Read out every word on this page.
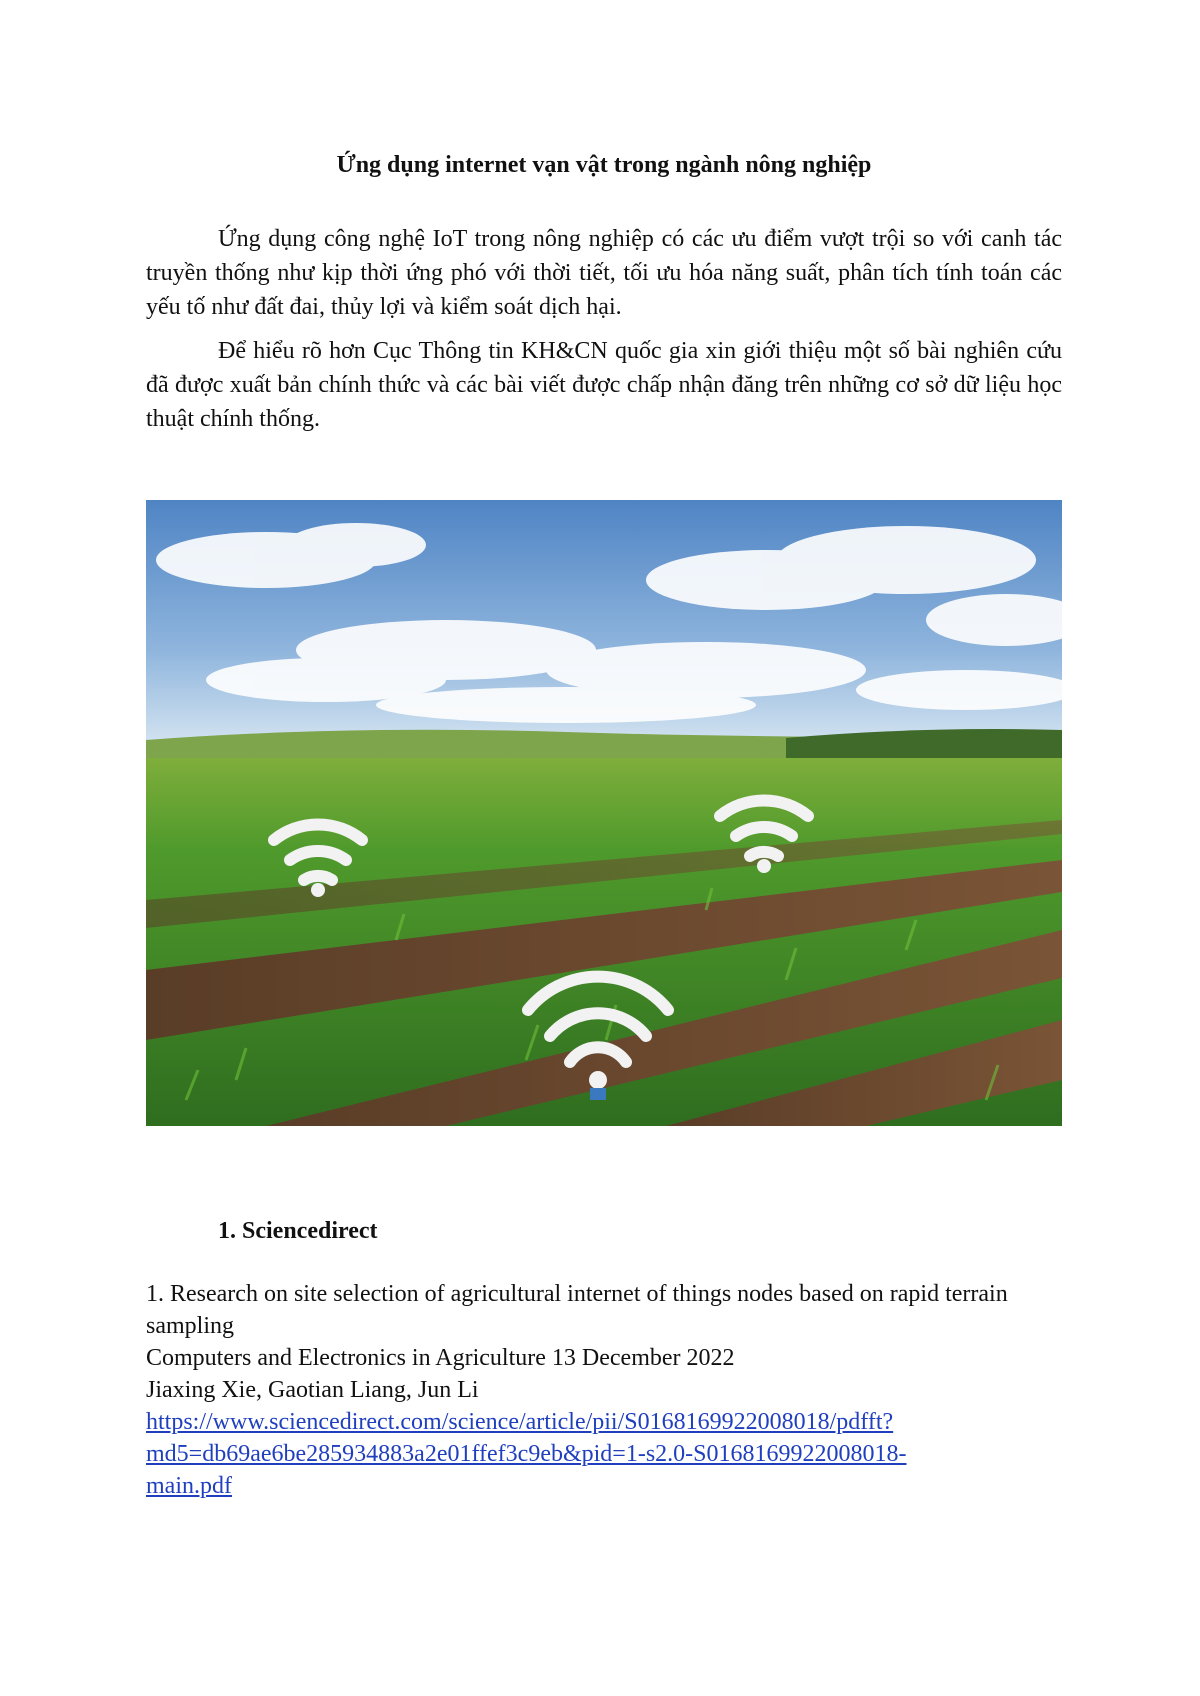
Ứng dụng internet vạn vật trong ngành nông nghiệp

Ứng dụng công nghệ IoT trong nông nghiệp có các ưu điểm vượt trội so với canh tác truyền thống như kịp thời ứng phó với thời tiết, tối ưu hóa năng suất, phân tích tính toán các yếu tố như đất đai, thủy lợi và kiểm soát dịch hại.

Để hiểu rõ hơn Cục Thông tin KH&CN quốc gia xin giới thiệu một số bài nghiên cứu đã được xuất bản chính thức và các bài viết được chấp nhận đăng trên những cơ sở dữ liệu học thuật chính thống.

1. Sciencedirect
1. Research on site selection of agricultural internet of things nodes based on rapid terrain sampling
Computers and Electronics in Agriculture 13 December 2022
Jiaxing Xie, Gaotian Liang, Jun Li
https://www.sciencedirect.com/science/article/pii/S0168169922008018/pdfft?
md5=db69ae6be285934883a2e01ffef3c9eb&pid=1-s2.0-S0168169922008018-
main.pdf
